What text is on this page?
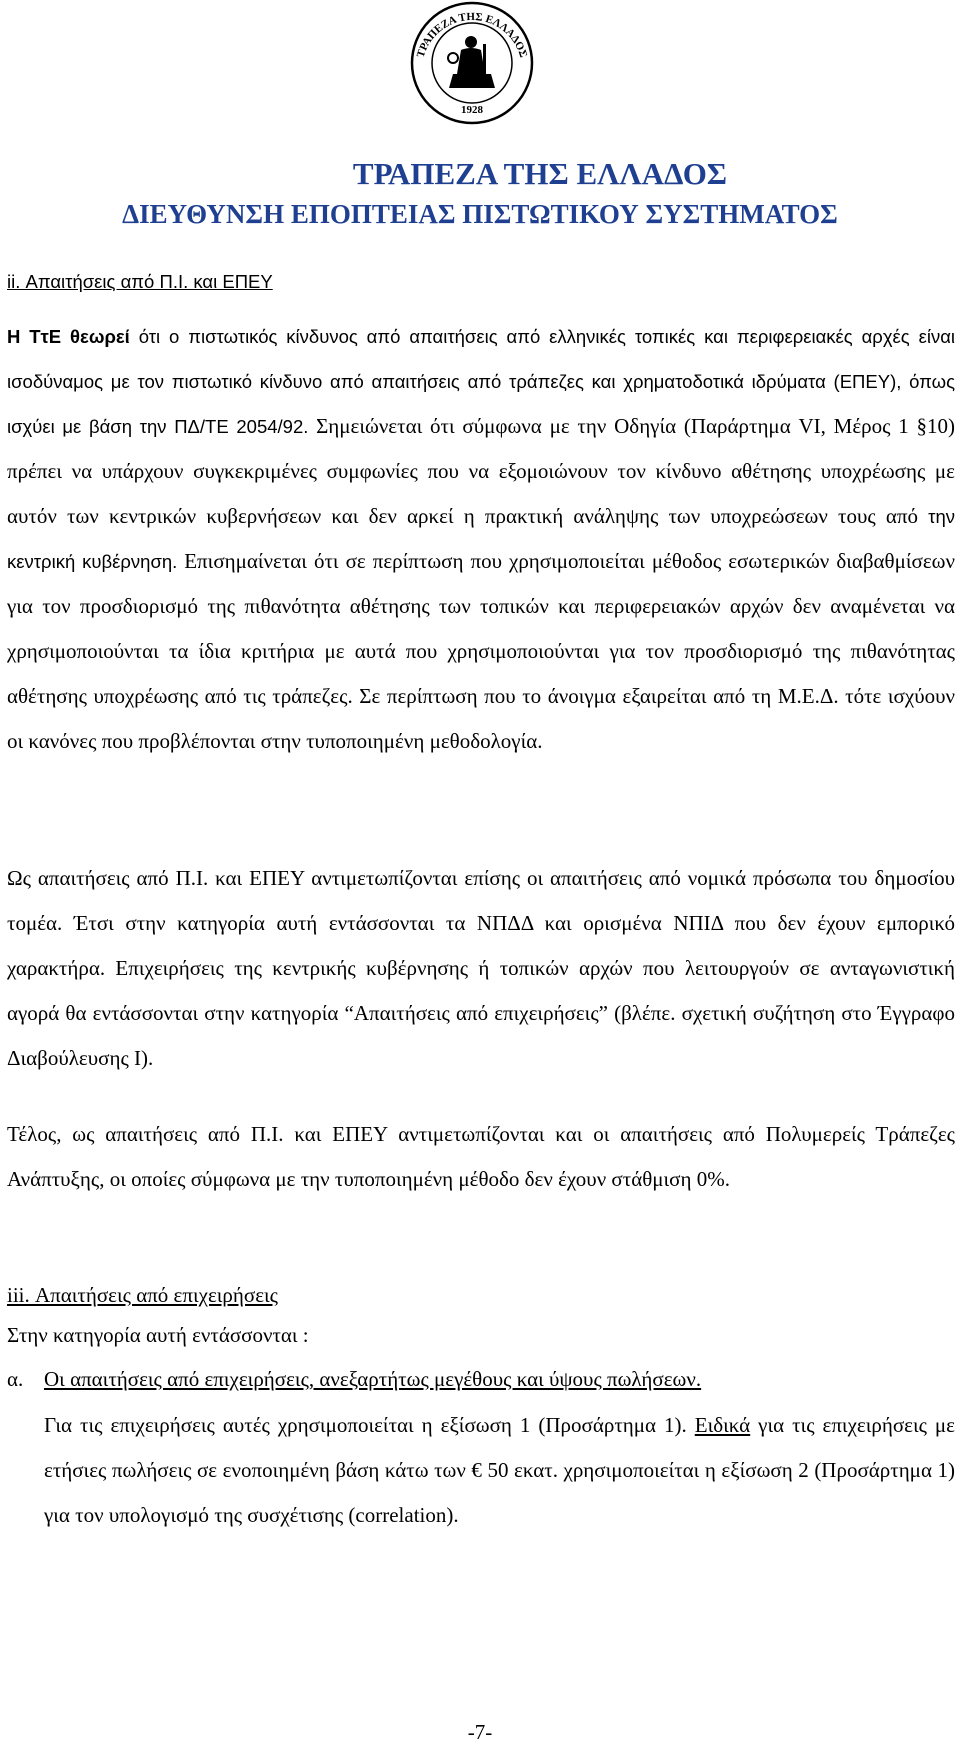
ΤΡΑΠΕΖΑ ΤΗΣ ΕΛΛΑΔΟΣ
1928
ΤΡΑΠΕΖΑ ΤΗΣ ΕΛΛΑΔΟΣ
ΔΙΕΥΘΥΝΣΗ ΕΠΟΠΤΕΙΑΣ ΠΙΣΤΩΤΙΚΟΥ ΣΥΣΤΗΜΑΤΟΣ
ii. Απαιτήσεις από Π.Ι. και ΕΠΕΥ
Η ΤτΕ θεωρεί ότι ο πιστωτικός κίνδυνος από απαιτήσεις από ελληνικές τοπικές και περιφερειακές αρχές είναι ισοδύναμος με τον πιστωτικό κίνδυνο από απαιτήσεις από τράπεζες και χρηματοδοτικά ιδρύματα (ΕΠΕΥ), όπως ισχύει με βάση την ΠΔ/ΤΕ 2054/92. Σημειώνεται ότι σύμφωνα με την Οδηγία (Παράρτημα VI, Μέρος 1 §10) πρέπει να υπάρχουν συγκεκριμένες συμφωνίες που να εξομοιώνουν τον κίνδυνο αθέτησης υποχρέωσης με αυτόν των κεντρικών κυβερνήσεων και δεν αρκεί η πρακτική ανάληψης των υποχρεώσεων τους από την κεντρική κυβέρνηση. Επισημαίνεται ότι σε περίπτωση που χρησιμοποιείται μέθοδος εσωτερικών διαβαθμίσεων για τον προσδιορισμό της πιθανότητα αθέτησης των τοπικών και περιφερειακών αρχών δεν αναμένεται να χρησιμοποιούνται τα ίδια κριτήρια με αυτά που χρησιμοποιούνται για τον προσδιορισμό της πιθανότητας αθέτησης υποχρέωσης από τις τράπεζες. Σε περίπτωση που το άνοιγμα εξαιρείται από τη Μ.Ε.Δ. τότε ισχύουν οι κανόνες που προβλέπονται στην τυποποιημένη μεθοδολογία.
Ως απαιτήσεις από Π.Ι. και ΕΠΕΥ αντιμετωπίζονται επίσης οι απαιτήσεις από νομικά πρόσωπα του δημοσίου τομέα. Έτσι στην κατηγορία αυτή εντάσσονται τα ΝΠΔΔ και ορισμένα ΝΠΙΔ που δεν έχουν εμπορικό χαρακτήρα. Επιχειρήσεις της κεντρικής κυβέρνησης ή τοπικών αρχών που λειτουργούν σε ανταγωνιστική αγορά θα εντάσσονται στην κατηγορία “Απαιτήσεις από επιχειρήσεις” (βλέπε. σχετική συζήτηση στο Έγγραφο Διαβούλευσης Ι).
Τέλος, ως απαιτήσεις από Π.Ι. και ΕΠΕΥ αντιμετωπίζονται και οι απαιτήσεις από Πολυμερείς Τράπεζες Ανάπτυξης, οι οποίες σύμφωνα με την τυποποιημένη μέθοδο δεν έχουν στάθμιση 0%.
iii. Απαιτήσεις από επιχειρήσεις
Στην κατηγορία αυτή εντάσσονται :
α. Οι απαιτήσεις από επιχειρήσεις, ανεξαρτήτως μεγέθους και ύψους πωλήσεων.
Για τις επιχειρήσεις αυτές χρησιμοποιείται η εξίσωση 1 (Προσάρτημα 1). Ειδικά για τις επιχειρήσεις με ετήσιες πωλήσεις σε ενοποιημένη βάση κάτω των € 50 εκατ. χρησιμοποιείται η εξίσωση 2 (Προσάρτημα 1) για τον υπολογισμό της συσχέτισης (correlation).
-7-
